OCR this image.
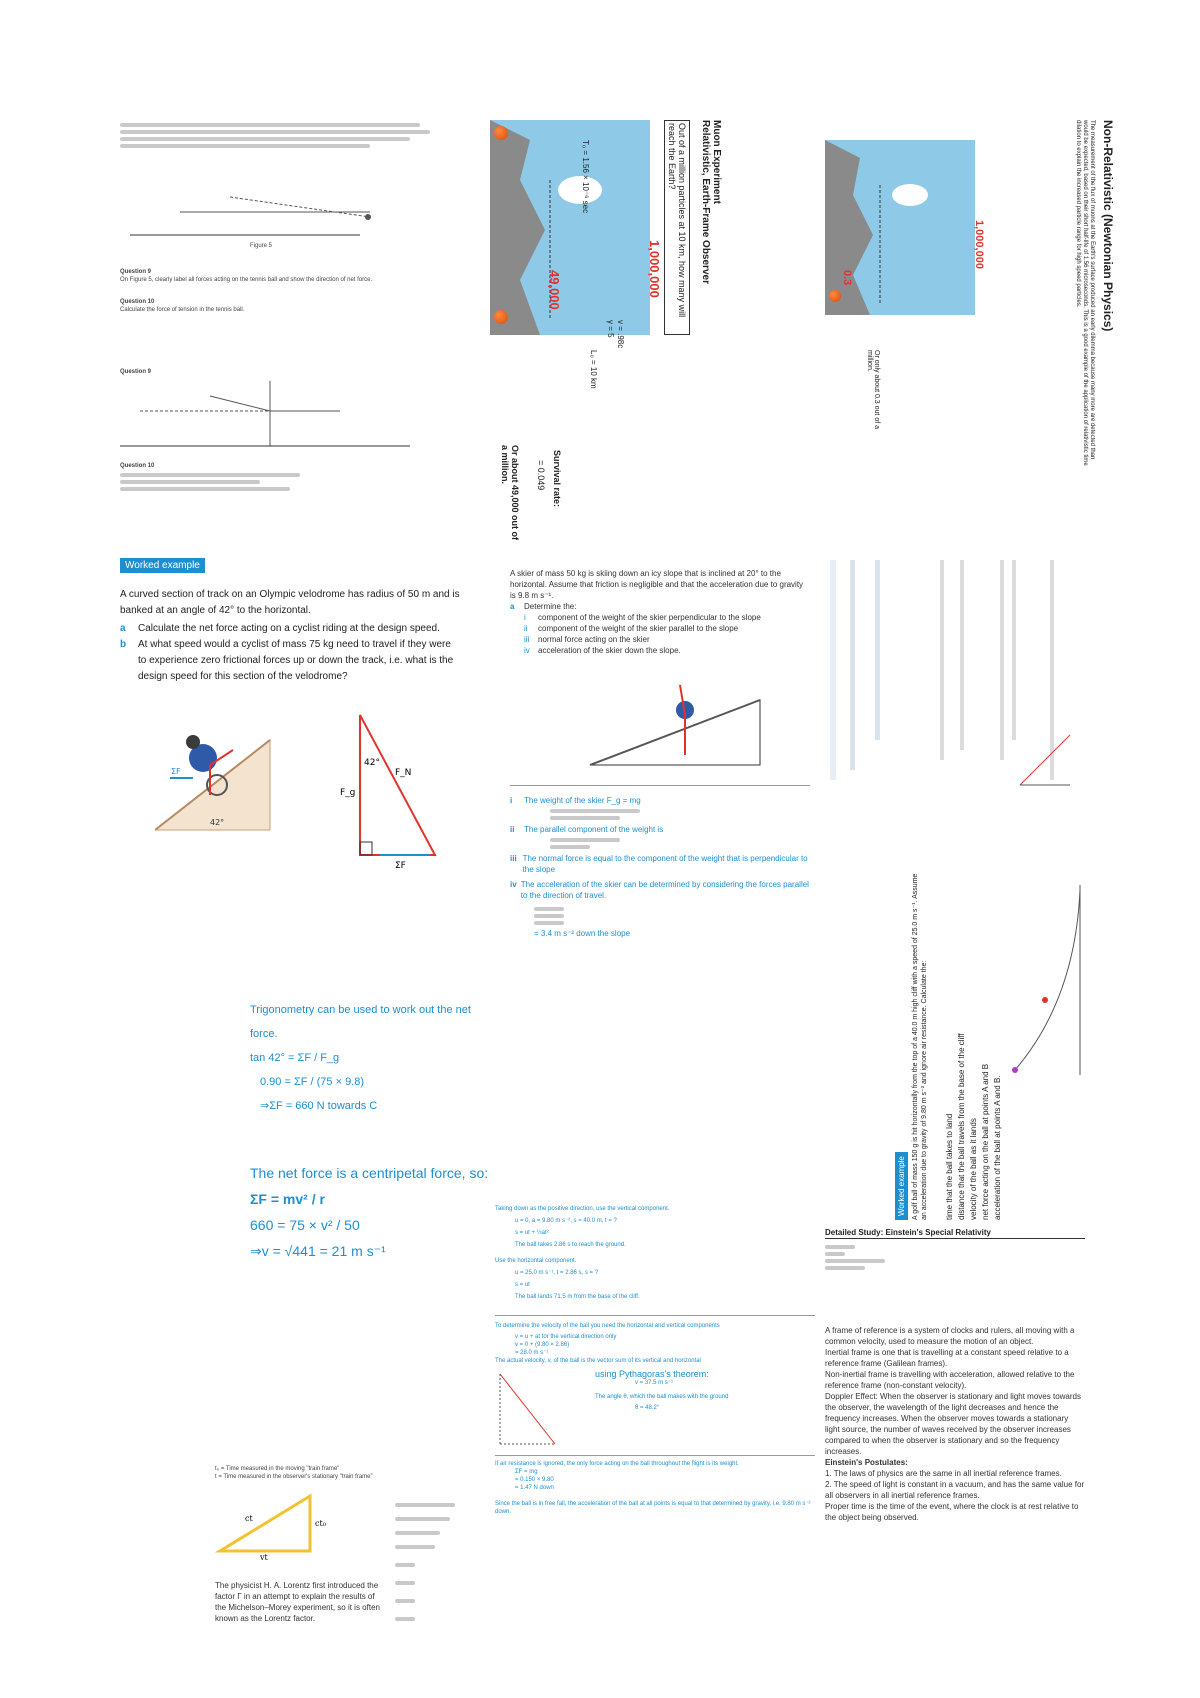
Figure 5
Question 9
On Figure 5, clearly label all forces acting on the tennis ball and show the direction of net force.
Question 10
Calculate the force of tension in the tennis ball.
Question 9
Question 10
Worked example
A curved section of track on an Olympic velodrome has radius of 50 m and is banked at an angle of 42° to the horizontal.
a	Calculate the net force acting on a cyclist riding at the design speed.
b	At what speed would a cyclist of mass 75 kg need to travel if they were to experience zero frictional forces up or down the track, i.e. what is the design speed for this section of the velodrome?
ΣF
42°
42°
F_N
F_g
ΣF
Trigonometry can be used to work out the net force.
tan 42° = ΣF / F_g
0.90 = ΣF / (75 × 9.8)
⇒ΣF = 660 N towards C
The net force is a centripetal force, so:
ΣF = mv² / r
660 = 75 × v² / 50
⇒v = √441 = 21 m s⁻¹
Muon Experiment
Relativistic, Earth-Frame Observer
Out of a million particles at 10 km, how many will reach the Earth?
1,000,000
49,000
v = .98c
γ = 5
L₀ = 10 km
T₀ = 1.56 × 10⁻⁶ sec
Survival rate:
= 0.049
Or about 49,000 out of a million.
Non-Relativistic (Newtonian Physics)
The measurement of the flux of muons at the Earth's surface produced an early dilemma because many more are detected than would be expected, based on their short half-life of 1.56 microseconds. This is a good example of the application of relativistic time dilation to explain the increased particle range for high speed particles.
1,000,000
0.3
Or only about 0.3 out of a million.
A skier of mass 50 kg is skiing down an icy slope that is inclined at 20° to the horizontal. Assume that friction is negligible and that the acceleration due to gravity is 9.8 m s⁻¹.
a	Determine the:
i	component of the weight of the skier perpendicular to the slope
ii	component of the weight of the skier parallel to the slope
iii	normal force acting on the skier
iv	acceleration of the skier down the slope.
i	The weight of the skier F_g = mg
ii	The parallel component of the weight is
iii The normal force is equal to the component of the weight that is perpendicular to the slope
iv The acceleration of the skier can be determined by considering the forces parallel to the direction of travel.
= 3.4 m s⁻² down the slope
Worked example A golf ball of mass 150 g is hit horizontally from the top of a 40.0 m high cliff with a speed of 25.0 m s⁻¹. Assume an acceleration due to gravity of 9.80 m s⁻² and ignore air resistance. Calculate the: time that the ball takes to land distance that the ball travels from the base of the cliff velocity of the ball as it lands net force acting on the ball at points A and B acceleration of the ball at points A and B.
Taking down as the positive direction, use the vertical component.
u = 0, a = 9.80 m s⁻², s = 40.0 m, t = ?
s = ut + ½at²
The ball takes 2.86 s to reach the ground.
Use the horizontal component.
u = 25.0 m s⁻¹, t = 2.86 s, s = ?
s = ut
The ball lands 71.5 m from the base of the cliff.
To determine the velocity of the ball you need the horizontal and vertical components
v = u + at for the vertical direction only
v = 0 + (9.80 × 2.86)
= 28.0 m s⁻¹
The actual velocity, v, of the ball is the vector sum of its vertical and horizontal
using Pythagoras's theorem:
v = 37.5 m s⁻¹
The angle θ, which the ball makes with the ground
θ = 48.2°
If air resistance is ignored, the only force acting on the ball throughout the flight is its weight.
ΣF = mg
= 0.150 × 9.80
= 1.47 N down
Since the ball is in free fall, the acceleration of the ball at all points is equal to that determined by gravity, i.e. 9.80 m s⁻² down.
Detailed Study: Einstein's Special Relativity
A frame of reference is a system of clocks and rulers, all moving with a common velocity, used to measure the motion of an object.
Inertial frame is one that is travelling at a constant speed relative to a reference frame (Galilean frames).
Non-inertial frame is travelling with acceleration, allowed relative to the reference frame (non-constant velocity).
Doppler Effect: When the observer is stationary and light moves towards the observer, the wavelength of the light decreases and hence the frequency increases. When the observer moves towards a stationary light source, the number of waves received by the observer increases compared to when the observer is stationary and so the frequency increases.
Einstein's Postulates:
1. The laws of physics are the same in all inertial reference frames.
2. The speed of light is constant in a vacuum, and has the same value for all observers in all inertial reference frames.
Proper time is the time of the event, where the clock is at rest relative to the object being observed.
t₀ = Time measured in the moving "train frame"
t = Time measured in the observer's stationary "train frame"
ct
ct₀
vt
The physicist H. A. Lorentz first introduced the factor Γ in an attempt to explain the results of the Michelson–Morey experiment, so it is often known as the Lorentz factor.
